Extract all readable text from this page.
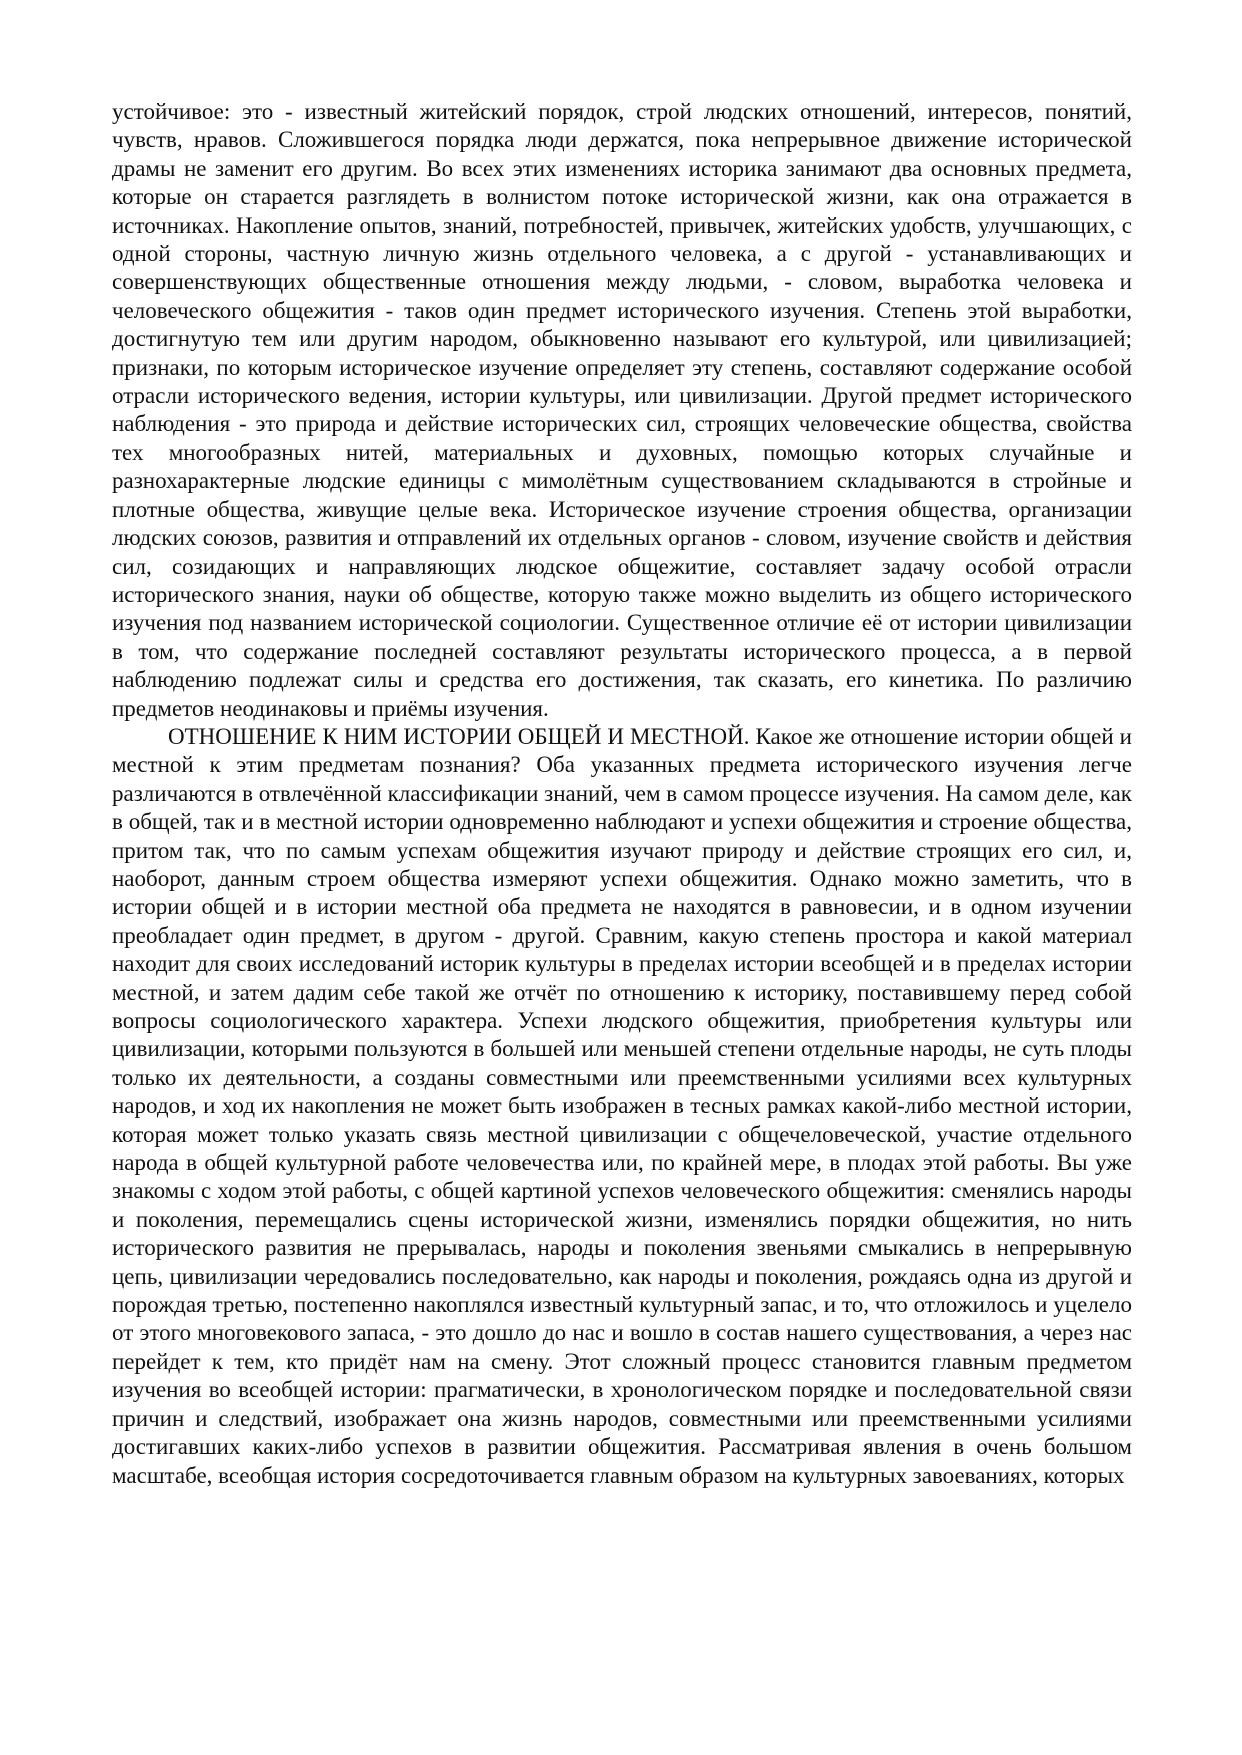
устойчивое: это - известный житейский порядок, строй людских отношений, интересов, понятий, чувств, нравов. Сложившегося порядка люди держатся, пока непрерывное движение исторической драмы не заменит его другим. Во всех этих изменениях историка занимают два основных предмета, которые он старается разглядеть в волнистом потоке исторической жизни, как она отражается в источниках. Накопление опытов, знаний, потребностей, привычек, житейских удобств, улучшающих, с одной стороны, частную личную жизнь отдельного человека, а с другой - устанавливающих и совершенствующих общественные отношения между людьми, - словом, выработка человека и человеческого общежития - таков один предмет исторического изучения. Степень этой выработки, достигнутую тем или другим народом, обыкновенно называют его культурой, или цивилизацией; признаки, по которым историческое изучение определяет эту степень, составляют содержание особой отрасли исторического ведения, истории культуры, или цивилизации. Другой предмет исторического наблюдения - это природа и действие исторических сил, строящих человеческие общества, свойства тех многообразных нитей, материальных и духовных, помощью которых случайные и разнохарактерные людские единицы с мимолётным существованием складываются в стройные и плотные общества, живущие целые века. Историческое изучение строения общества, организации людских союзов, развития и отправлений их отдельных органов - словом, изучение свойств и действия сил, созидающих и направляющих людское общежитие, составляет задачу особой отрасли исторического знания, науки об обществе, которую также можно выделить из общего исторического изучения под названием исторической социологии. Существенное отличие её от истории цивилизации в том, что содержание последней составляют результаты исторического процесса, а в первой наблюдению подлежат силы и средства его достижения, так сказать, его кинетика. По различию предметов неодинаковы и приёмы изучения.

ОТНОШЕНИЕ К НИМ ИСТОРИИ ОБЩЕЙ И МЕСТНОЙ. Какое же отношение истории общей и местной к этим предметам познания? Оба указанных предмета исторического изучения легче различаются в отвлечённой классификации знаний, чем в самом процессе изучения. На самом деле, как в общей, так и в местной истории одновременно наблюдают и успехи общежития и строение общества, притом так, что по самым успехам общежития изучают природу и действие строящих его сил, и, наоборот, данным строем общества измеряют успехи общежития. Однако можно заметить, что в истории общей и в истории местной оба предмета не находятся в равновесии, и в одном изучении преобладает один предмет, в другом - другой. Сравним, какую степень простора и какой материал находит для своих исследований историк культуры в пределах истории всеобщей и в пределах истории местной, и затем дадим себе такой же отчёт по отношению к историку, поставившему перед собой вопросы социологического характера. Успехи людского общежития, приобретения культуры или цивилизации, которыми пользуются в большей или меньшей степени отдельные народы, не суть плоды только их деятельности, а созданы совместными или преемственными усилиями всех культурных народов, и ход их накопления не может быть изображен в тесных рамках какой-либо местной истории, которая может только указать связь местной цивилизации с общечеловеческой, участие отдельного народа в общей культурной работе человечества или, по крайней мере, в плодах этой работы. Вы уже знакомы с ходом этой работы, с общей картиной успехов человеческого общежития: сменялись народы и поколения, перемещались сцены исторической жизни, изменялись порядки общежития, но нить исторического развития не прерывалась, народы и поколения звеньями смыкались в непрерывную цепь, цивилизации чередовались последовательно, как народы и поколения, рождаясь одна из другой и порождая третью, постепенно накоплялся известный культурный запас, и то, что отложилось и уцелело от этого многовекового запаса, - это дошло до нас и вошло в состав нашего существования, а через нас перейдет к тем, кто придёт нам на смену. Этот сложный процесс становится главным предметом изучения во всеобщей истории: прагматически, в хронологическом порядке и последовательной связи причин и следствий, изображает она жизнь народов, совместными или преемственными усилиями достигавших каких-либо успехов в развитии общежития. Рассматривая явления в очень большом масштабе, всеобщая история сосредоточивается главным образом на культурных завоеваниях, которых
